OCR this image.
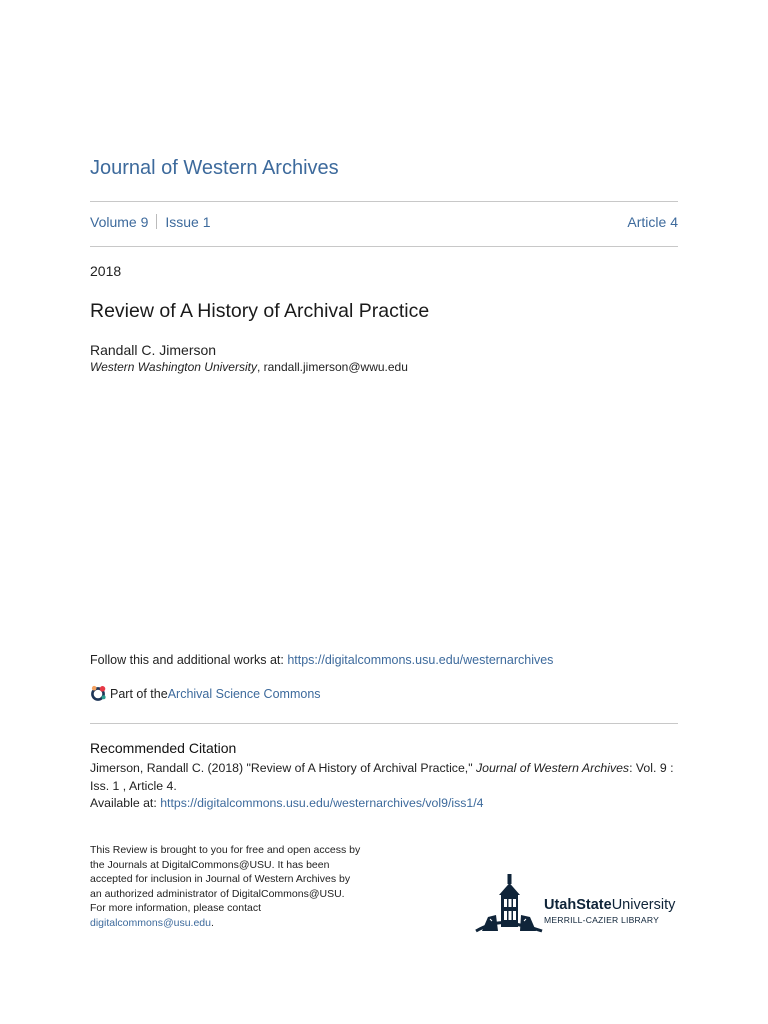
Journal of Western Archives
Volume 9 Issue 1	Article 4
2018
Review of A History of Archival Practice
Randall C. Jimerson
Western Washington University, randall.jimerson@wwu.edu
Follow this and additional works at: https://digitalcommons.usu.edu/westernarchives
Part of the Archival Science Commons
Recommended Citation
Jimerson, Randall C. (2018) "Review of A History of Archival Practice," Journal of Western Archives: Vol. 9 : Iss. 1 , Article 4.
Available at: https://digitalcommons.usu.edu/westernarchives/vol9/iss1/4

This Review is brought to you for free and open access by

the Journals at DigitalCommons@USU. It has been

accepted for inclusion in Journal of Western Archives by

an authorized administrator of DigitalCommons@USU.

For more information, please contact

digitalcommons@usu.edu.

UtahStateUniversity
MERRILL-CAZIER LIBRARY
